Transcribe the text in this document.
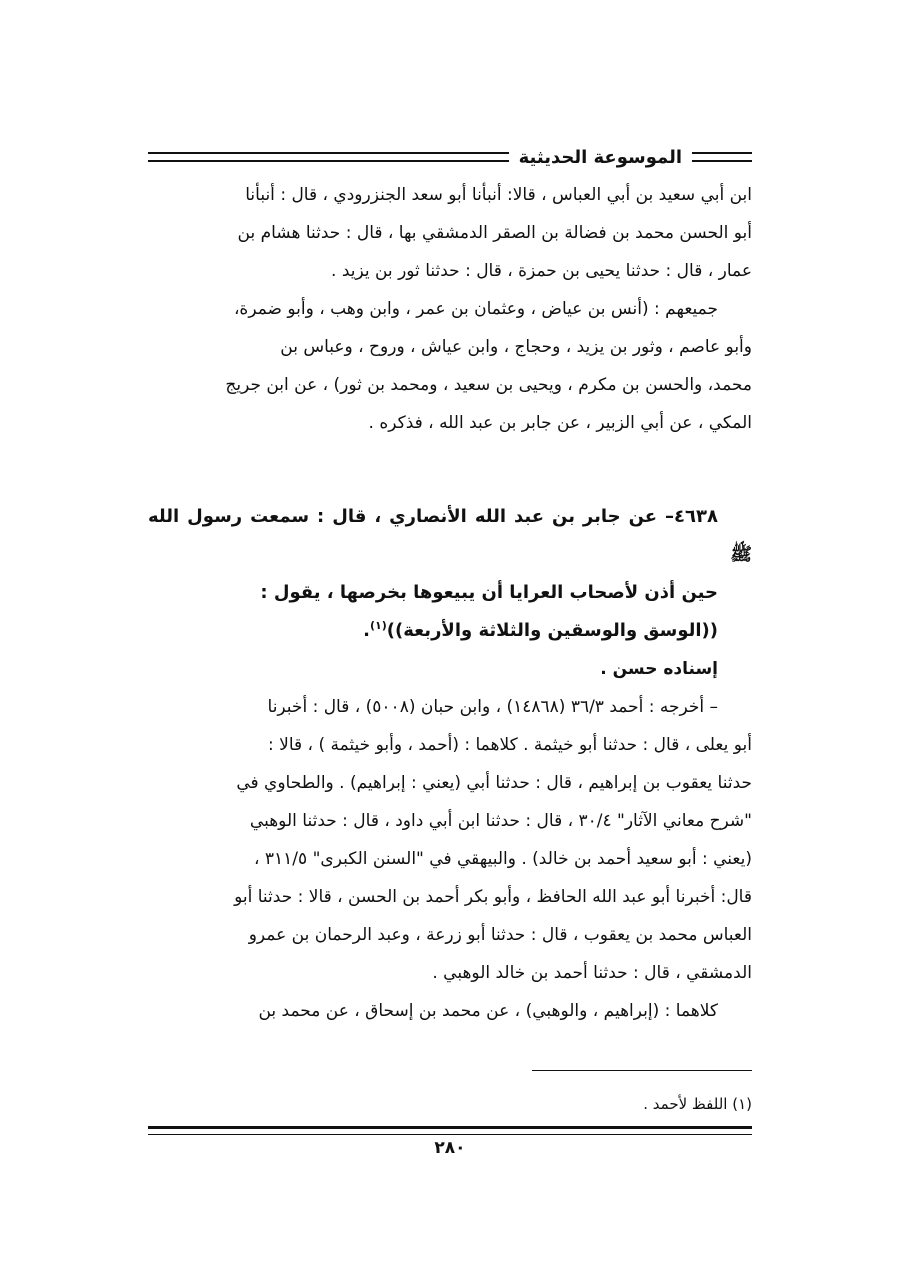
الموسوعة الحديثية

ابن أبي سعيد بن أبي العباس ، قالا: أنبأنا أبو سعد الجنزرودي ، قال : أنبأنا

أبو الحسن محمد بن فضالة بن الصقر الدمشقي بها ، قال : حدثنا هشام بن

عمار ، قال : حدثنا يحيى بن حمزة ، قال : حدثنا ثور بن يزيد .

جميعهم : (أنس بن عياض ، وعثمان بن عمر ، وابن وهب ، وأبو ضمرة،

وأبو عاصم ، وثور بن يزيد ، وحجاج ، وابن عياش ، وروح ، وعباس بن

محمد، والحسن بن مكرم ، ويحيى بن سعيد ، ومحمد بن ثور) ، عن ابن جريج

المكي ، عن أبي الزبير ، عن جابر بن عبد الله ، فذكره .

٤٦٣٨– عن جابر بن عبد الله الأنصاري ، قال : سمعت رسول الله ﷺ

حين أذن لأصحاب العرايا أن يبيعوها بخرصها ، يقول :

((الوسق والوسقين والثلاثة والأربعة))$^{(١)}$.

إسناده حسن .

– أخرجه : أحمد ٣٦/٣ (١٤٨٦٨) ، وابن حبان (٥٠٠٨) ، قال : أخبرنا

أبو يعلى ، قال : حدثنا أبو خيثمة . كلاهما : (أحمد ، وأبو خيثمة ) ، قالا :

حدثنا يعقوب بن إبراهيم ، قال : حدثنا أبي (يعني : إبراهيم) . والطحاوي في

"شرح معاني الآثار" ٣٠/٤ ، قال : حدثنا ابن أبي داود ، قال : حدثنا الوهبي

(يعني : أبو سعيد أحمد بن خالد) . والبيهقي في "السنن الكبرى" ٣١١/٥ ،

قال: أخبرنا أبو عبد الله الحافظ ، وأبو بكر أحمد بن الحسن ، قالا : حدثنا أبو

العباس محمد بن يعقوب ، قال : حدثنا أبو زرعة ، وعبد الرحمان بن عمرو

الدمشقي ، قال : حدثنا أحمد بن خالد الوهبي .

كلاهما : (إبراهيم ، والوهبي) ، عن محمد بن إسحاق ، عن محمد بن

(١) اللفظ لأحمد .
٢٨٠
